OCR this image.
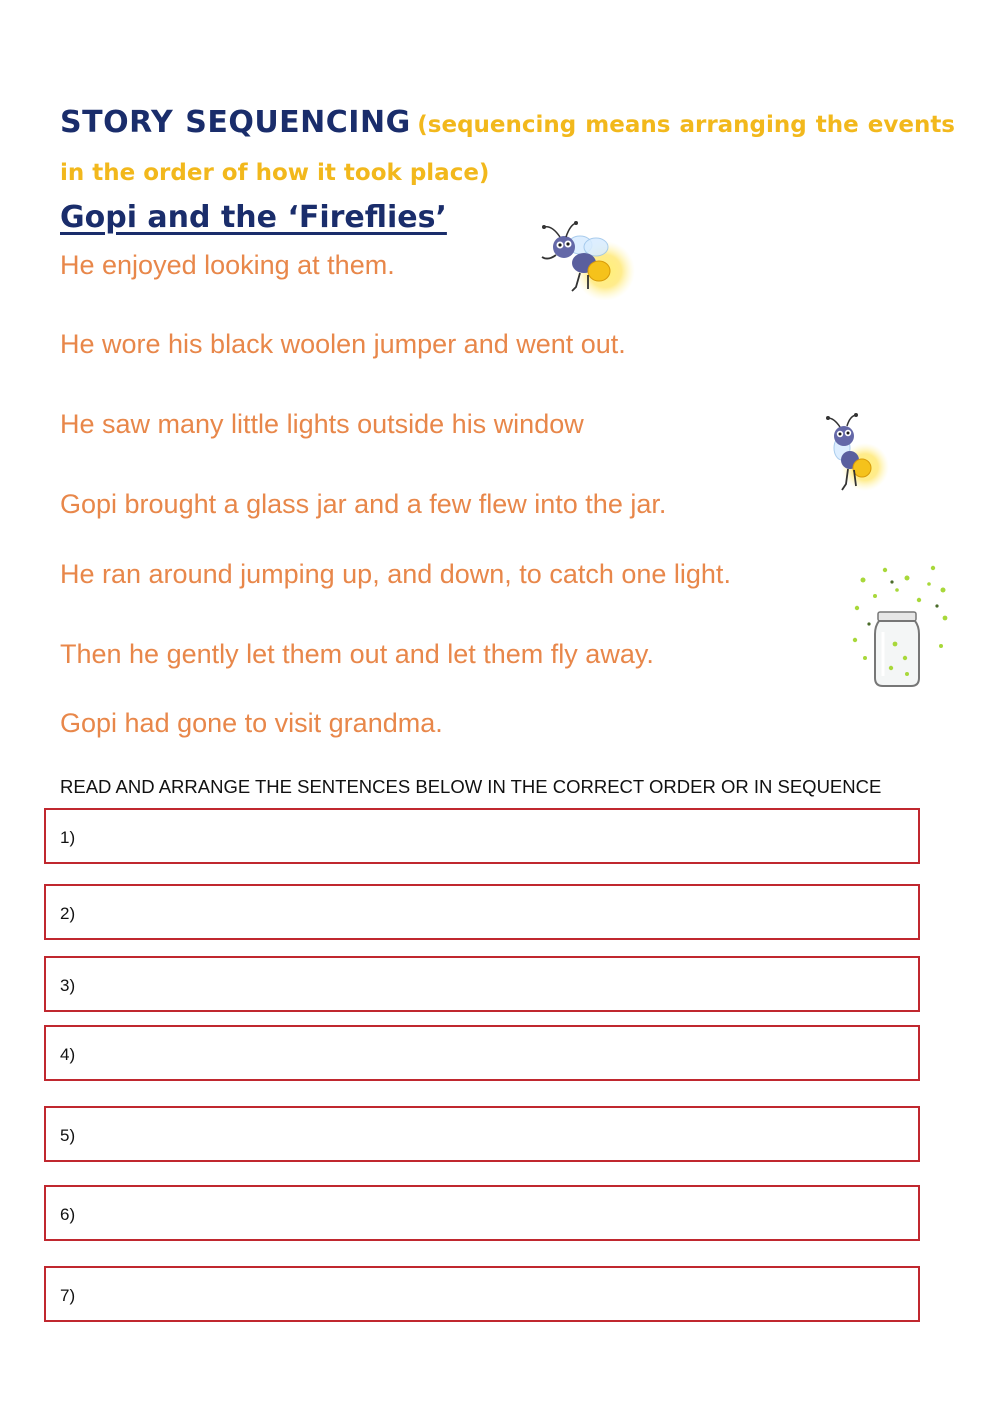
STORY SEQUENCING (sequencing means arranging the events in the order of how it took place)
Gopi and the ‘Fireflies’
He enjoyed looking at them.
He wore his black woolen jumper and went out.
He saw many little lights outside his window
Gopi brought a glass jar and a few flew into the jar.
He ran around jumping up, and down, to catch one light.
Then he gently let them out and let them fly away.
Gopi had gone to visit grandma.
READ AND ARRANGE THE SENTENCES BELOW IN THE CORRECT ORDER OR IN SEQUENCE
1)
2)
3)
4)
5)
6)
7)
